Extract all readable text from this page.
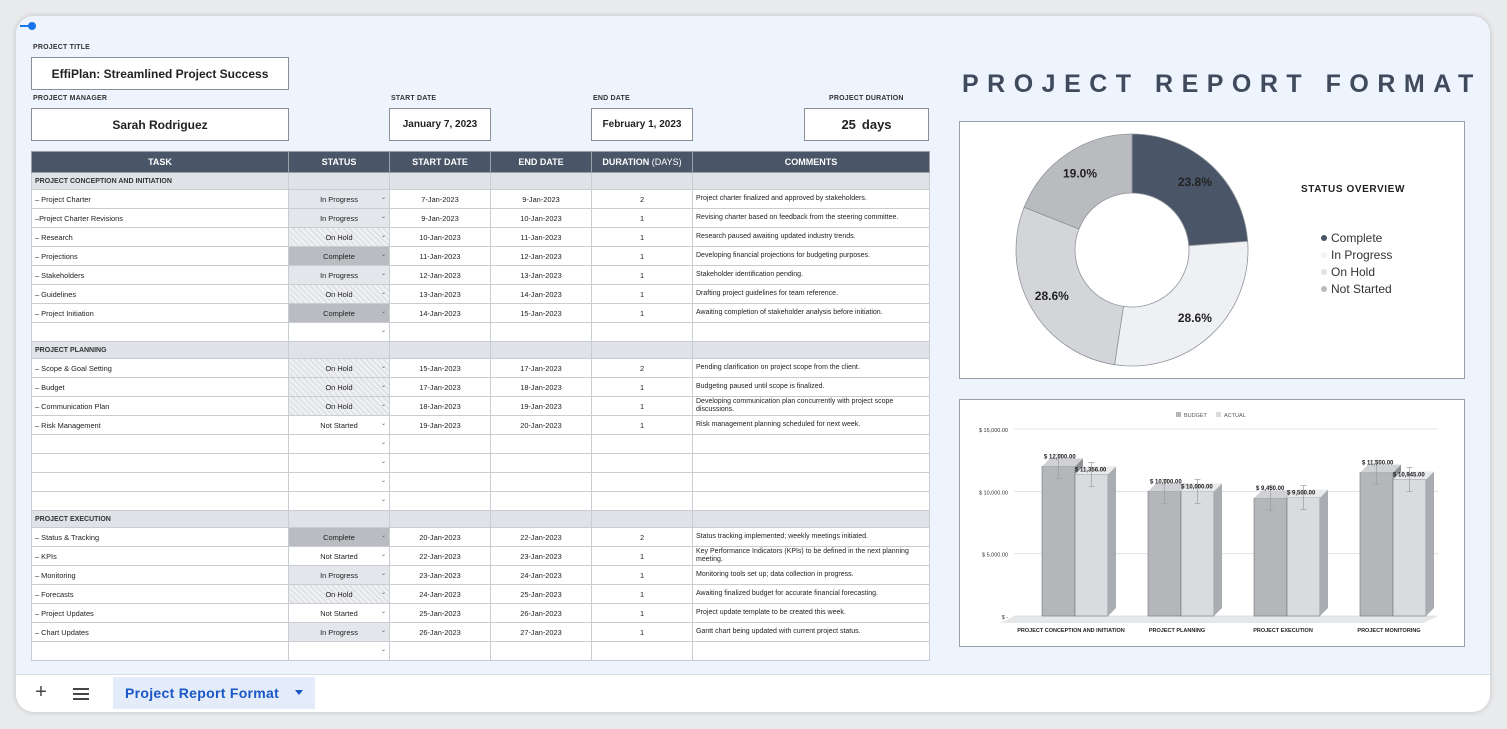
PROJECT TITLE
EffiPlan: Streamlined Project Success
PROJECT MANAGER
Sarah Rodriguez
START DATE
January 7, 2023
END DATE
February 1, 2023
PROJECT DURATION
25 days
TASK	STATUS	START DATE	END DATE	DURATION (DAYS)	COMMENTS
PROJECT CONCEPTION AND INITIATION					
– Project Charter	In Progress ⌄	7-Jan-2023	9-Jan-2023	2	Project charter finalized and approved by stakeholders.
–Project Charter Revisions	In Progress ⌄	9-Jan-2023	10-Jan-2023	1	Revising charter based on feedback from the steering committee.
– Research	On Hold ⌄	10-Jan-2023	11-Jan-2023	1	Research paused awaiting updated industry trends.
– Projections	Complete ⌄	11-Jan-2023	12-Jan-2023	1	Developing financial projections for budgeting purposes.
– Stakeholders	In Progress ⌄	12-Jan-2023	13-Jan-2023	1	Stakeholder identification pending.
– Guidelines	On Hold ⌄	13-Jan-2023	14-Jan-2023	1	Drafting project guidelines for team reference.
– Project Initiation	Complete ⌄	14-Jan-2023	15-Jan-2023	1	Awaiting completion of stakeholder analysis before initiation.

	⌄				

PROJECT PLANNING					
– Scope & Goal Setting	On Hold ⌄	15-Jan-2023	17-Jan-2023	2	Pending clarification on project scope from the client.
– Budget	On Hold ⌄	17-Jan-2023	18-Jan-2023	1	Budgeting paused until scope is finalized.
– Communication Plan	On Hold ⌄	18-Jan-2023	19-Jan-2023	1	Developing communication plan concurrently with project scope discussions.
– Risk Management	Not Started ⌄	19-Jan-2023	20-Jan-2023	1	Risk management planning scheduled for next week.

	⌄				

	⌄				

	⌄				

	⌄				

PROJECT EXECUTION					
– Status & Tracking	Complete ⌄	20-Jan-2023	22-Jan-2023	2	Status tracking implemented; weekly meetings initiated.
– KPIs	Not Started ⌄	22-Jan-2023	23-Jan-2023	1	Key Performance Indicators (KPIs) to be defined in the next planning meeting.
– Monitoring	In Progress ⌄	23-Jan-2023	24-Jan-2023	1	Monitoring tools set up; data collection in progress.
– Forecasts	On Hold ⌄	24-Jan-2023	25-Jan-2023	1	Awaiting finalized budget for accurate financial forecasting.
– Project Updates	Not Started ⌄	25-Jan-2023	26-Jan-2023	1	Project update template to be created this week.
– Chart Updates	In Progress ⌄	26-Jan-2023	27-Jan-2023	1	Gantt chart being updated with current project status.

	⌄				

PROJECT REPORT FORMAT
23.8%
28.6%
28.6%
19.0%
STATUS OVERVIEW
Complete
In Progress
On Hold
Not Started
$ -
$ 5,000.00
$ 10,000.00
$ 15,000.00
BUDGET	ACTUAL
$ 12,000.00
$ 11,356.00
PROJECT CONCEPTION AND INITIATION
$ 10,000.00
$ 10,000.00
PROJECT PLANNING
$ 9,450.00
$ 9,500.00
PROJECT EXECUTION
$ 11,500.00
$ 10,945.00
PROJECT MONITORING
+	Project Report Format
